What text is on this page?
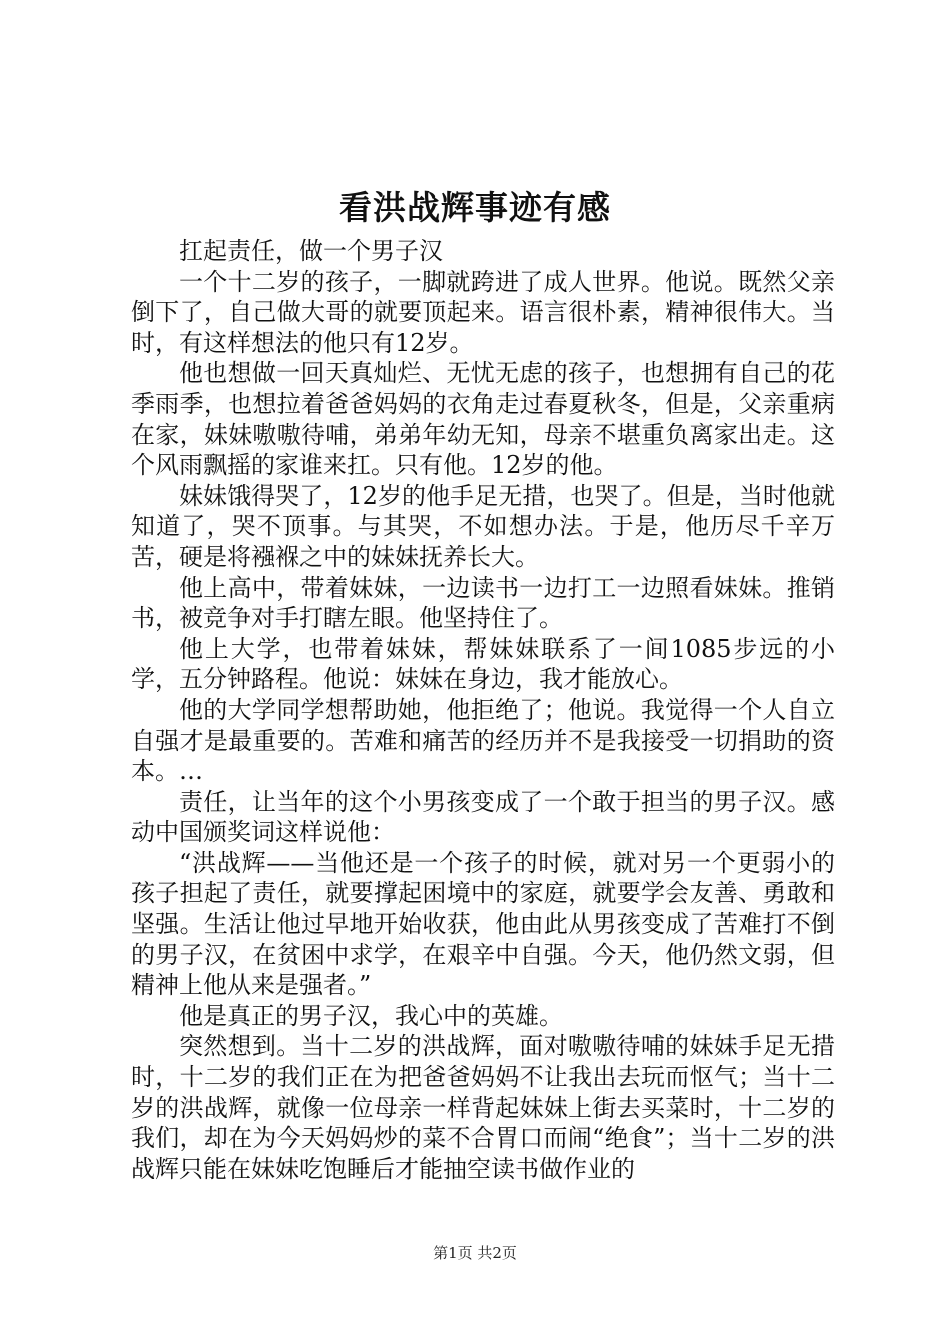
看洪战辉事迹有感

扛起责任，做一个男子汉

一个十二岁的孩子，一脚就跨进了成人世界。他说。既然父亲倒下了，自己做大哥的就要顶起来。语言很朴素，精神很伟大。当时，有这样想法的他只有12岁。

他也想做一回天真灿烂、无忧无虑的孩子，也想拥有自己的花季雨季，也想拉着爸爸妈妈的衣角走过春夏秋冬，但是，父亲重病在家，妹妹嗷嗷待哺，弟弟年幼无知，母亲不堪重负离家出走。这个风雨飘摇的家谁来扛。只有他。12岁的他。

妹妹饿得哭了，12岁的他手足无措，也哭了。但是，当时他就知道了，哭不顶事。与其哭，不如想办法。于是，他历尽千辛万苦，硬是将襁褓之中的妹妹抚养长大。

他上高中，带着妹妹，一边读书一边打工一边照看妹妹。推销书，被竞争对手打瞎左眼。他坚持住了。

他上大学，也带着妹妹，帮妹妹联系了一间1085步远的小学，五分钟路程。他说：妹妹在身边，我才能放心。

他的大学同学想帮助她，他拒绝了；他说。我觉得一个人自立自强才是最重要的。苦难和痛苦的经历并不是我接受一切捐助的资本。…

责任，让当年的这个小男孩变成了一个敢于担当的男子汉。感动中国颁奖词这样说他：

“洪战辉——当他还是一个孩子的时候，就对另一个更弱小的孩子担起了责任，就要撑起困境中的家庭，就要学会友善、勇敢和坚强。生活让他过早地开始收获，他由此从男孩变成了苦难打不倒的男子汉，在贫困中求学，在艰辛中自强。今天，他仍然文弱，但精神上他从来是强者。”

他是真正的男子汉，我心中的英雄。

突然想到。当十二岁的洪战辉，面对嗷嗷待哺的妹妹手足无措时，十二岁的我们正在为把爸爸妈妈不让我出去玩而怄气；当十二岁的洪战辉，就像一位母亲一样背起妹妹上街去买菜时，十二岁的我们，却在为今天妈妈炒的菜不合胃口而闹“绝食”；当十二岁的洪战辉只能在妹妹吃饱睡后才能抽空读书做作业的

第1页 共2页
